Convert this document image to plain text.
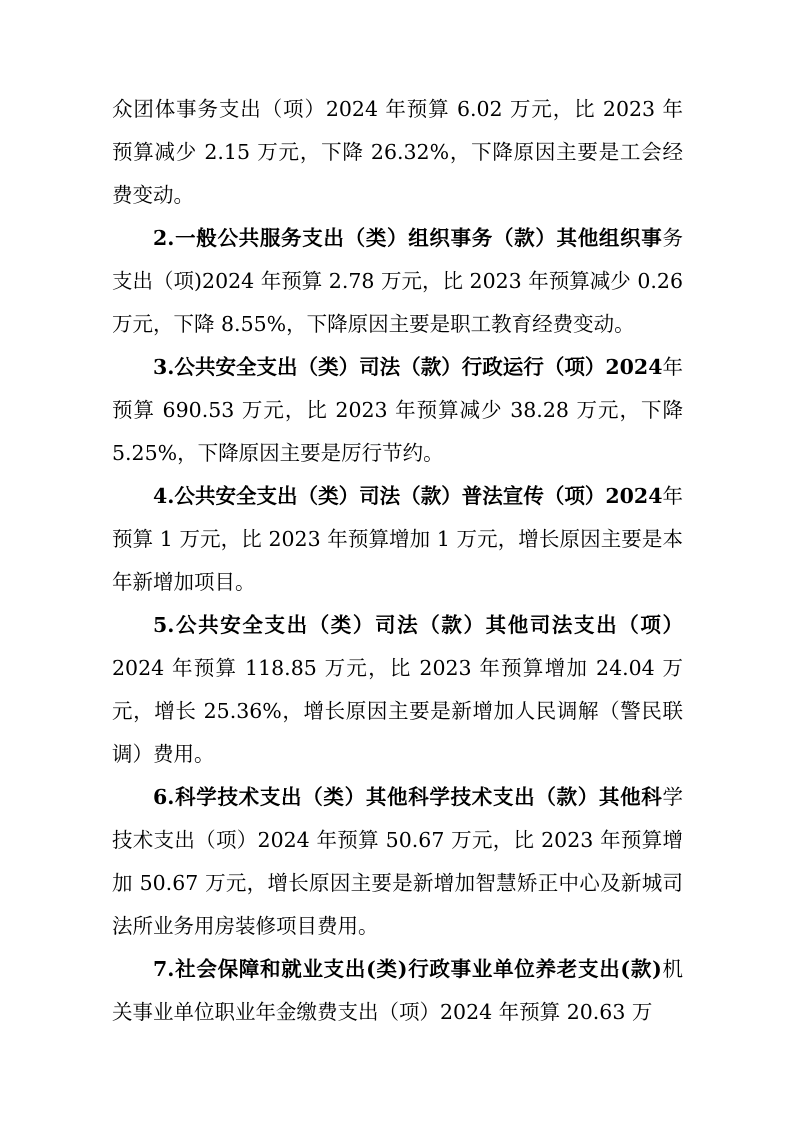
众团体事务支出（项）2024 年预算 6.02 万元，比 2023 年预算减少 2.15 万元，下降 26.32%，下降原因主要是工会经费变动。

2.一般公共服务支出（类）组织事务（款）其他组织事务支出（项)2024 年预算 2.78 万元，比 2023 年预算减少 0.26 万元，下降 8.55%，下降原因主要是职工教育经费变动。

3.公共安全支出（类）司法（款）行政运行（项）2024年预算 690.53 万元，比 2023 年预算减少 38.28 万元，下降 5.25%，下降原因主要是厉行节约。

4.公共安全支出（类）司法（款）普法宣传（项）2024年预算 1 万元，比 2023 年预算增加 1 万元，增长原因主要是本年新增加项目。

5.公共安全支出（类）司法（款）其他司法支出（项）2024 年预算 118.85 万元，比 2023 年预算增加 24.04 万元，增长 25.36%，增长原因主要是新增加人民调解（警民联调）费用。

6.科学技术支出（类）其他科学技术支出（款）其他科学技术支出（项）2024 年预算 50.67 万元，比 2023 年预算增加 50.67 万元，增长原因主要是新增加智慧矫正中心及新城司法所业务用房装修项目费用。

7.社会保障和就业支出(类)行政事业单位养老支出(款)机关事业单位职业年金缴费支出（项）2024 年预算 20.63 万
